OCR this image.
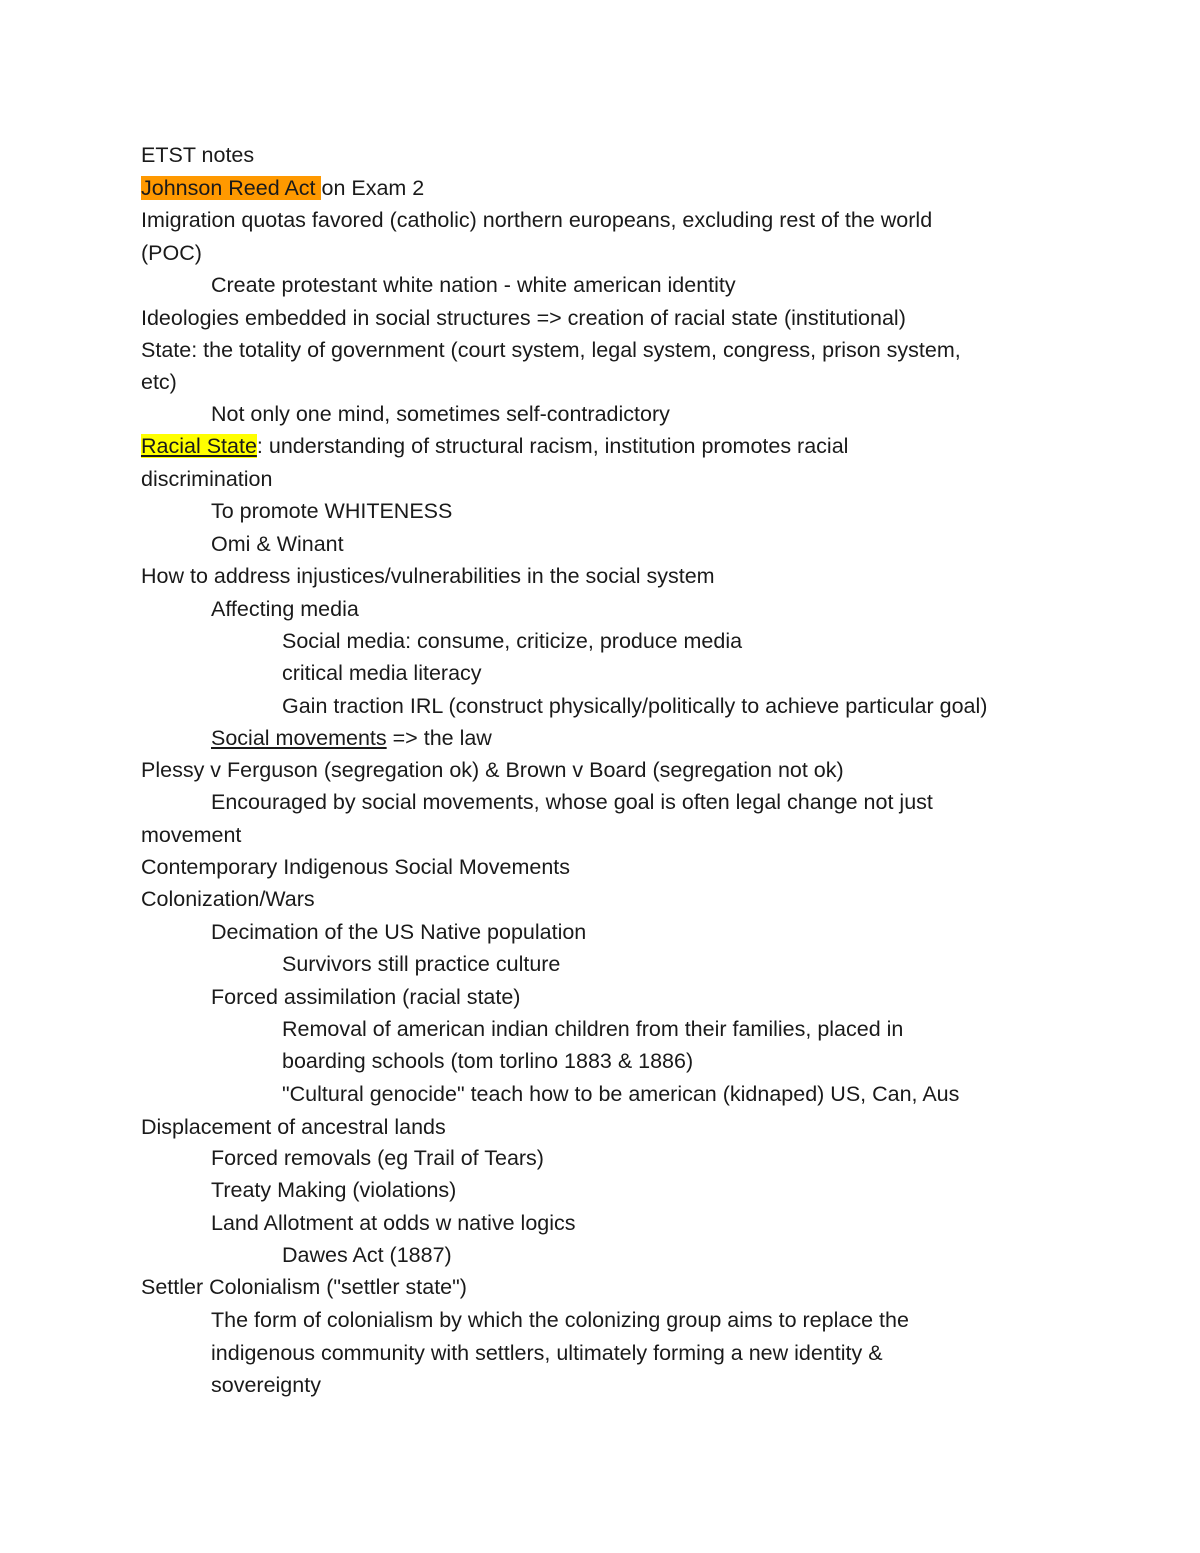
ETST notes
Johnson Reed Act on Exam 2
Imigration quotas favored (catholic) northern europeans, excluding rest of the world
(POC)
Create protestant white nation - white american identity
Ideologies embedded in social structures => creation of racial state (institutional)
State: the totality of government (court system, legal system, congress, prison system,
etc)
Not only one mind, sometimes self-contradictory
Racial State: understanding of structural racism, institution promotes racial
discrimination
To promote WHITENESS
Omi & Winant
How to address injustices/vulnerabilities in the social system
Affecting media
Social media: consume, criticize, produce media
critical media literacy
Gain traction IRL (construct physically/politically to achieve particular goal)
Social movements => the law
Plessy v Ferguson (segregation ok) & Brown v Board (segregation not ok)
Encouraged by social movements, whose goal is often legal change not just
movement
Contemporary Indigenous Social Movements
Colonization/Wars
Decimation of the US Native population
Survivors still practice culture
Forced assimilation (racial state)
Removal of american indian children from their families, placed in
boarding schools (tom torlino 1883 & 1886)
"Cultural genocide" teach how to be american (kidnaped) US, Can, Aus
Displacement of ancestral lands
Forced removals (eg Trail of Tears)
Treaty Making (violations)
Land Allotment at odds w native logics
Dawes Act (1887)
Settler Colonialism ("settler state")
The form of colonialism by which the colonizing group aims to replace the
indigenous community with settlers, ultimately forming a new identity &
sovereignty
